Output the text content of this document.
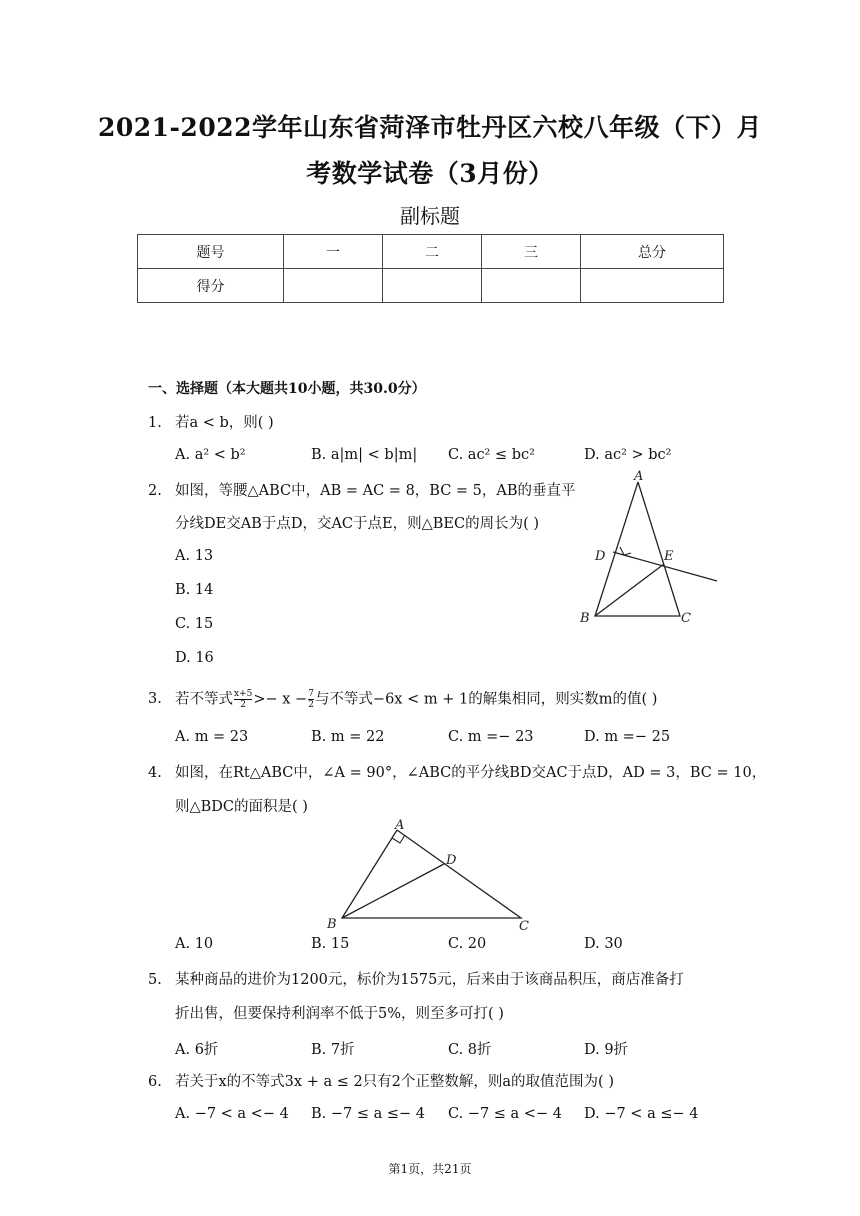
2021-2022学年山东省菏泽市牡丹区六校八年级（下）月
考数学试卷（3月份）
副标题
题号	一	二	三	总分
得分				
一、选择题（本大题共10小题，共30.0分）
1. 若a < b，则( )
A. a² < b²	B. a|m| < b|m| C. ac² ≤ bc²	D. ac² > bc²
2. 如图，等腰△ABC中，AB = AC = 8，BC = 5，AB的垂直平
分线DE交AB于点D，交AC于点E，则△BEC的周长为( )
A. 13
B. 14
C. 15
D. 16
A
D	E
B	C
3. 若不等式 $\frac{x+5}{2} >- x - \frac{7}{2}$ 与不等式−6x < m + 1的解集相同，则实数m的值( )
A. m = 23	B. m = 22	C. m =− 23	D. m =− 25
4. 如图，在Rt△ABC中，∠A = 90°，∠ABC的平分线BD交AC于点D，AD = 3，BC = 10，
则△BDC的面积是( )
A
D
B	C
A. 10	B. 15	C. 20	D. 30
5. 某种商品的进价为1200元，标价为1575元，后来由于该商品积压，商店准备打
折出售，但要保持利润率不低于5%，则至多可打( )
A. 6折	B. 7折	C. 8折	D. 9折
6. 若关于x的不等式3x + a ≤ 2只有2个正整数解，则a的取值范围为( )
A. −7 < a <− 4 B. −7 ≤ a ≤− 4 C. −7 ≤ a <− 4 D. −7 < a ≤− 4
第1页，共21页
